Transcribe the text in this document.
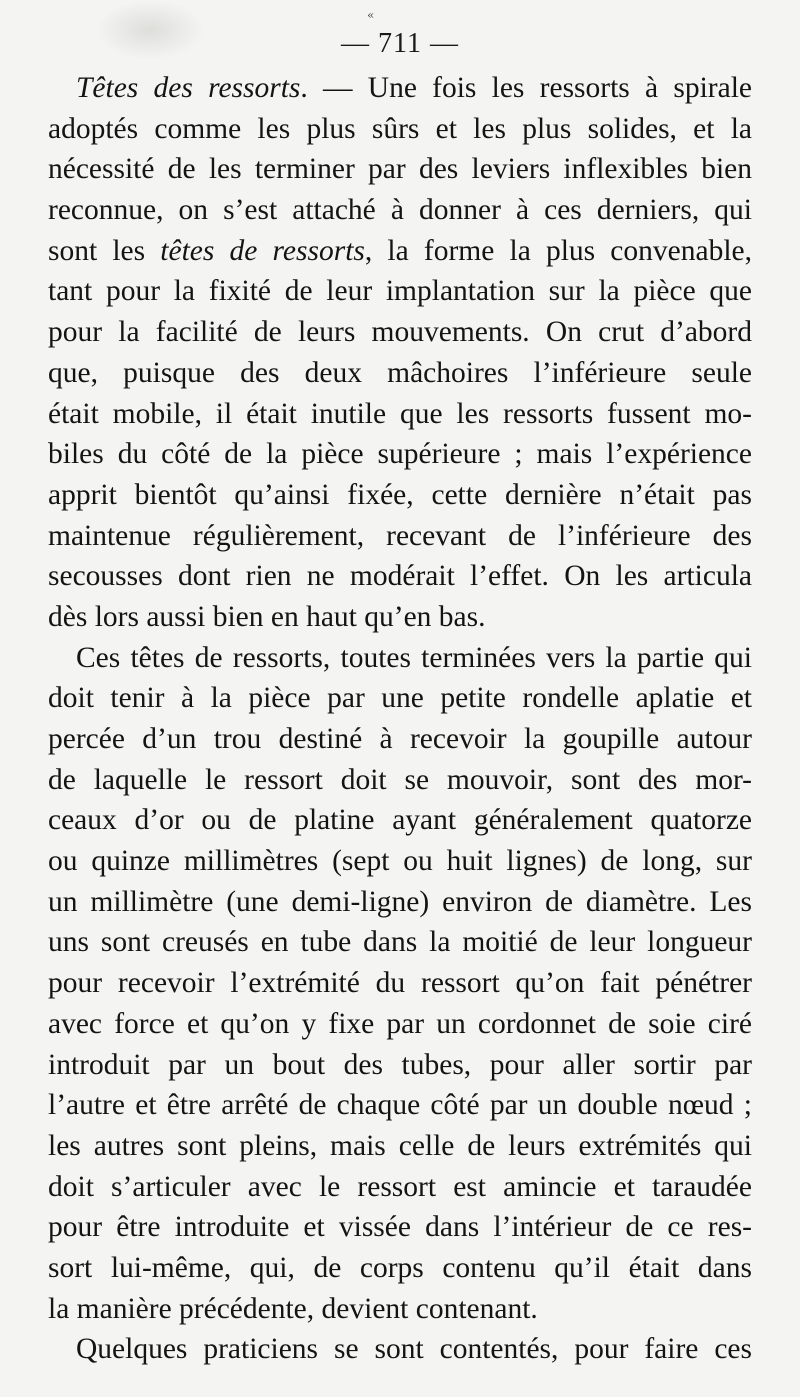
«
— 711 —
Têtes des ressorts. — Une fois les ressorts à spirale
adoptés comme les plus sûrs et les plus solides, et la
nécessité de les terminer par des leviers inflexibles bien
reconnue, on s’est attaché à donner à ces derniers, qui
sont les têtes de ressorts, la forme la plus convenable,
tant pour la fixité de leur implantation sur la pièce que
pour la facilité de leurs mouvements. On crut d’abord
que, puisque des deux mâchoires l’inférieure seule
était mobile, il était inutile que les ressorts fussent mo-
biles du côté de la pièce supérieure ; mais l’expérience
apprit bientôt qu’ainsi fixée, cette dernière n’était pas
maintenue régulièrement, recevant de l’inférieure des
secousses dont rien ne modérait l’effet. On les articula
dès lors aussi bien en haut qu’en bas.
Ces têtes de ressorts, toutes terminées vers la partie qui
doit tenir à la pièce par une petite rondelle aplatie et
percée d’un trou destiné à recevoir la goupille autour
de laquelle le ressort doit se mouvoir, sont des mor-
ceaux d’or ou de platine ayant généralement quatorze
ou quinze millimètres (sept ou huit lignes) de long, sur
un millimètre (une demi-ligne) environ de diamètre. Les
uns sont creusés en tube dans la moitié de leur longueur
pour recevoir l’extrémité du ressort qu’on fait pénétrer
avec force et qu’on y fixe par un cordonnet de soie ciré
introduit par un bout des tubes, pour aller sortir par
l’autre et être arrêté de chaque côté par un double nœud ;
les autres sont pleins, mais celle de leurs extrémités qui
doit s’articuler avec le ressort est amincie et taraudée
pour être introduite et vissée dans l’intérieur de ce res-
sort lui-même, qui, de corps contenu qu’il était dans
la manière précédente, devient contenant.
Quelques praticiens se sont contentés, pour faire ces
